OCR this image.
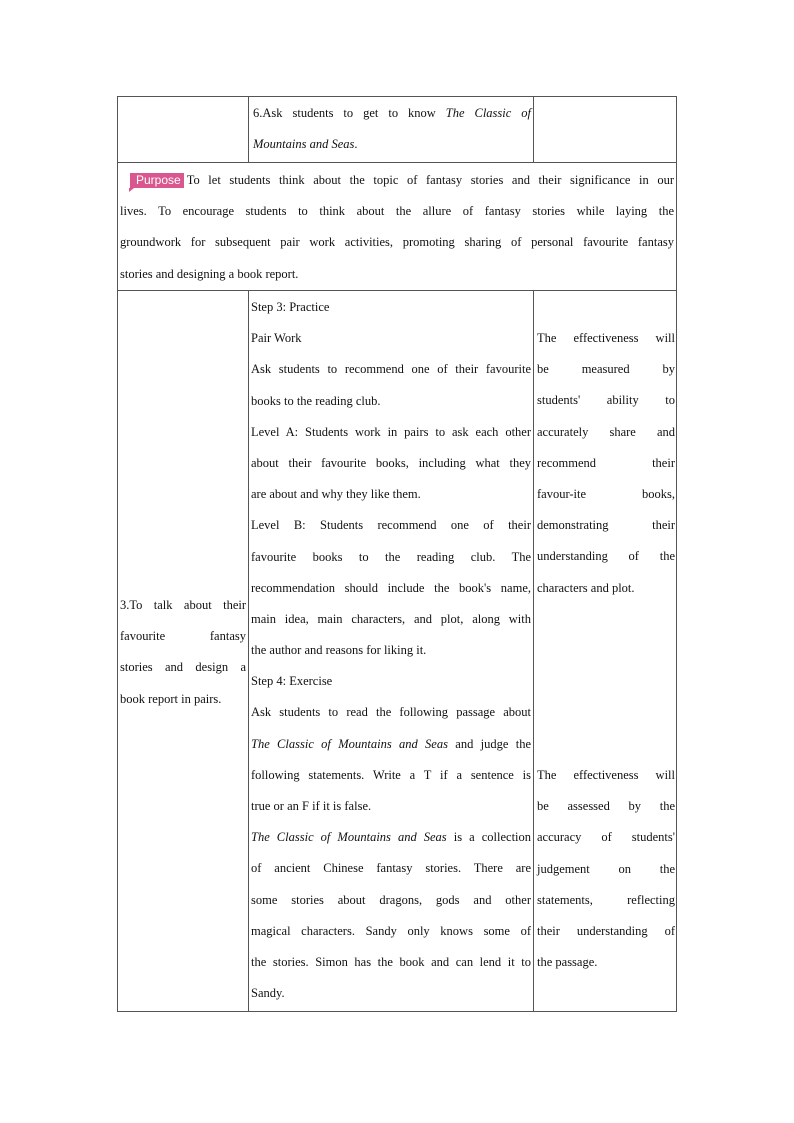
6.Ask students to get to know The Classic of
Mountains and Seas.
Purpose To let students think about the topic of fantasy stories and their significance in our
lives. To encourage students to think about the allure of fantasy stories while laying the
groundwork for subsequent pair work activities, promoting sharing of personal favourite fantasy
stories and designing a book report.
3.To talk about their
favourite fantasy
stories and design a
book report in pairs.
Step 3: Practice
Pair Work
Ask students to recommend one of their favourite
books to the reading club.
Level A: Students work in pairs to ask each other
about their favourite books, including what they
are about and why they like them.
Level B: Students recommend one of their
favourite books to the reading club. The
recommendation should include the book's name,
main idea, main characters, and plot, along with
the author and reasons for liking it.
Step 4: Exercise
Ask students to read the following passage about
The Classic of Mountains and Seas and judge the
following statements. Write a T if a sentence is
true or an F if it is false.
The Classic of Mountains and Seas is a collection
of ancient Chinese fantasy stories. There are
some stories about dragons, gods and other
magical characters. Sandy only knows some of
the stories. Simon has the book and can lend it to
Sandy.
The effectiveness will
be measured by
students' ability to
accurately share and
recommend their
favour-ite books,
demonstrating their
understanding of the
characters and plot.
The effectiveness will
be assessed by the
accuracy of students'
judgement on the
statements, reflecting
their understanding of
the passage.
